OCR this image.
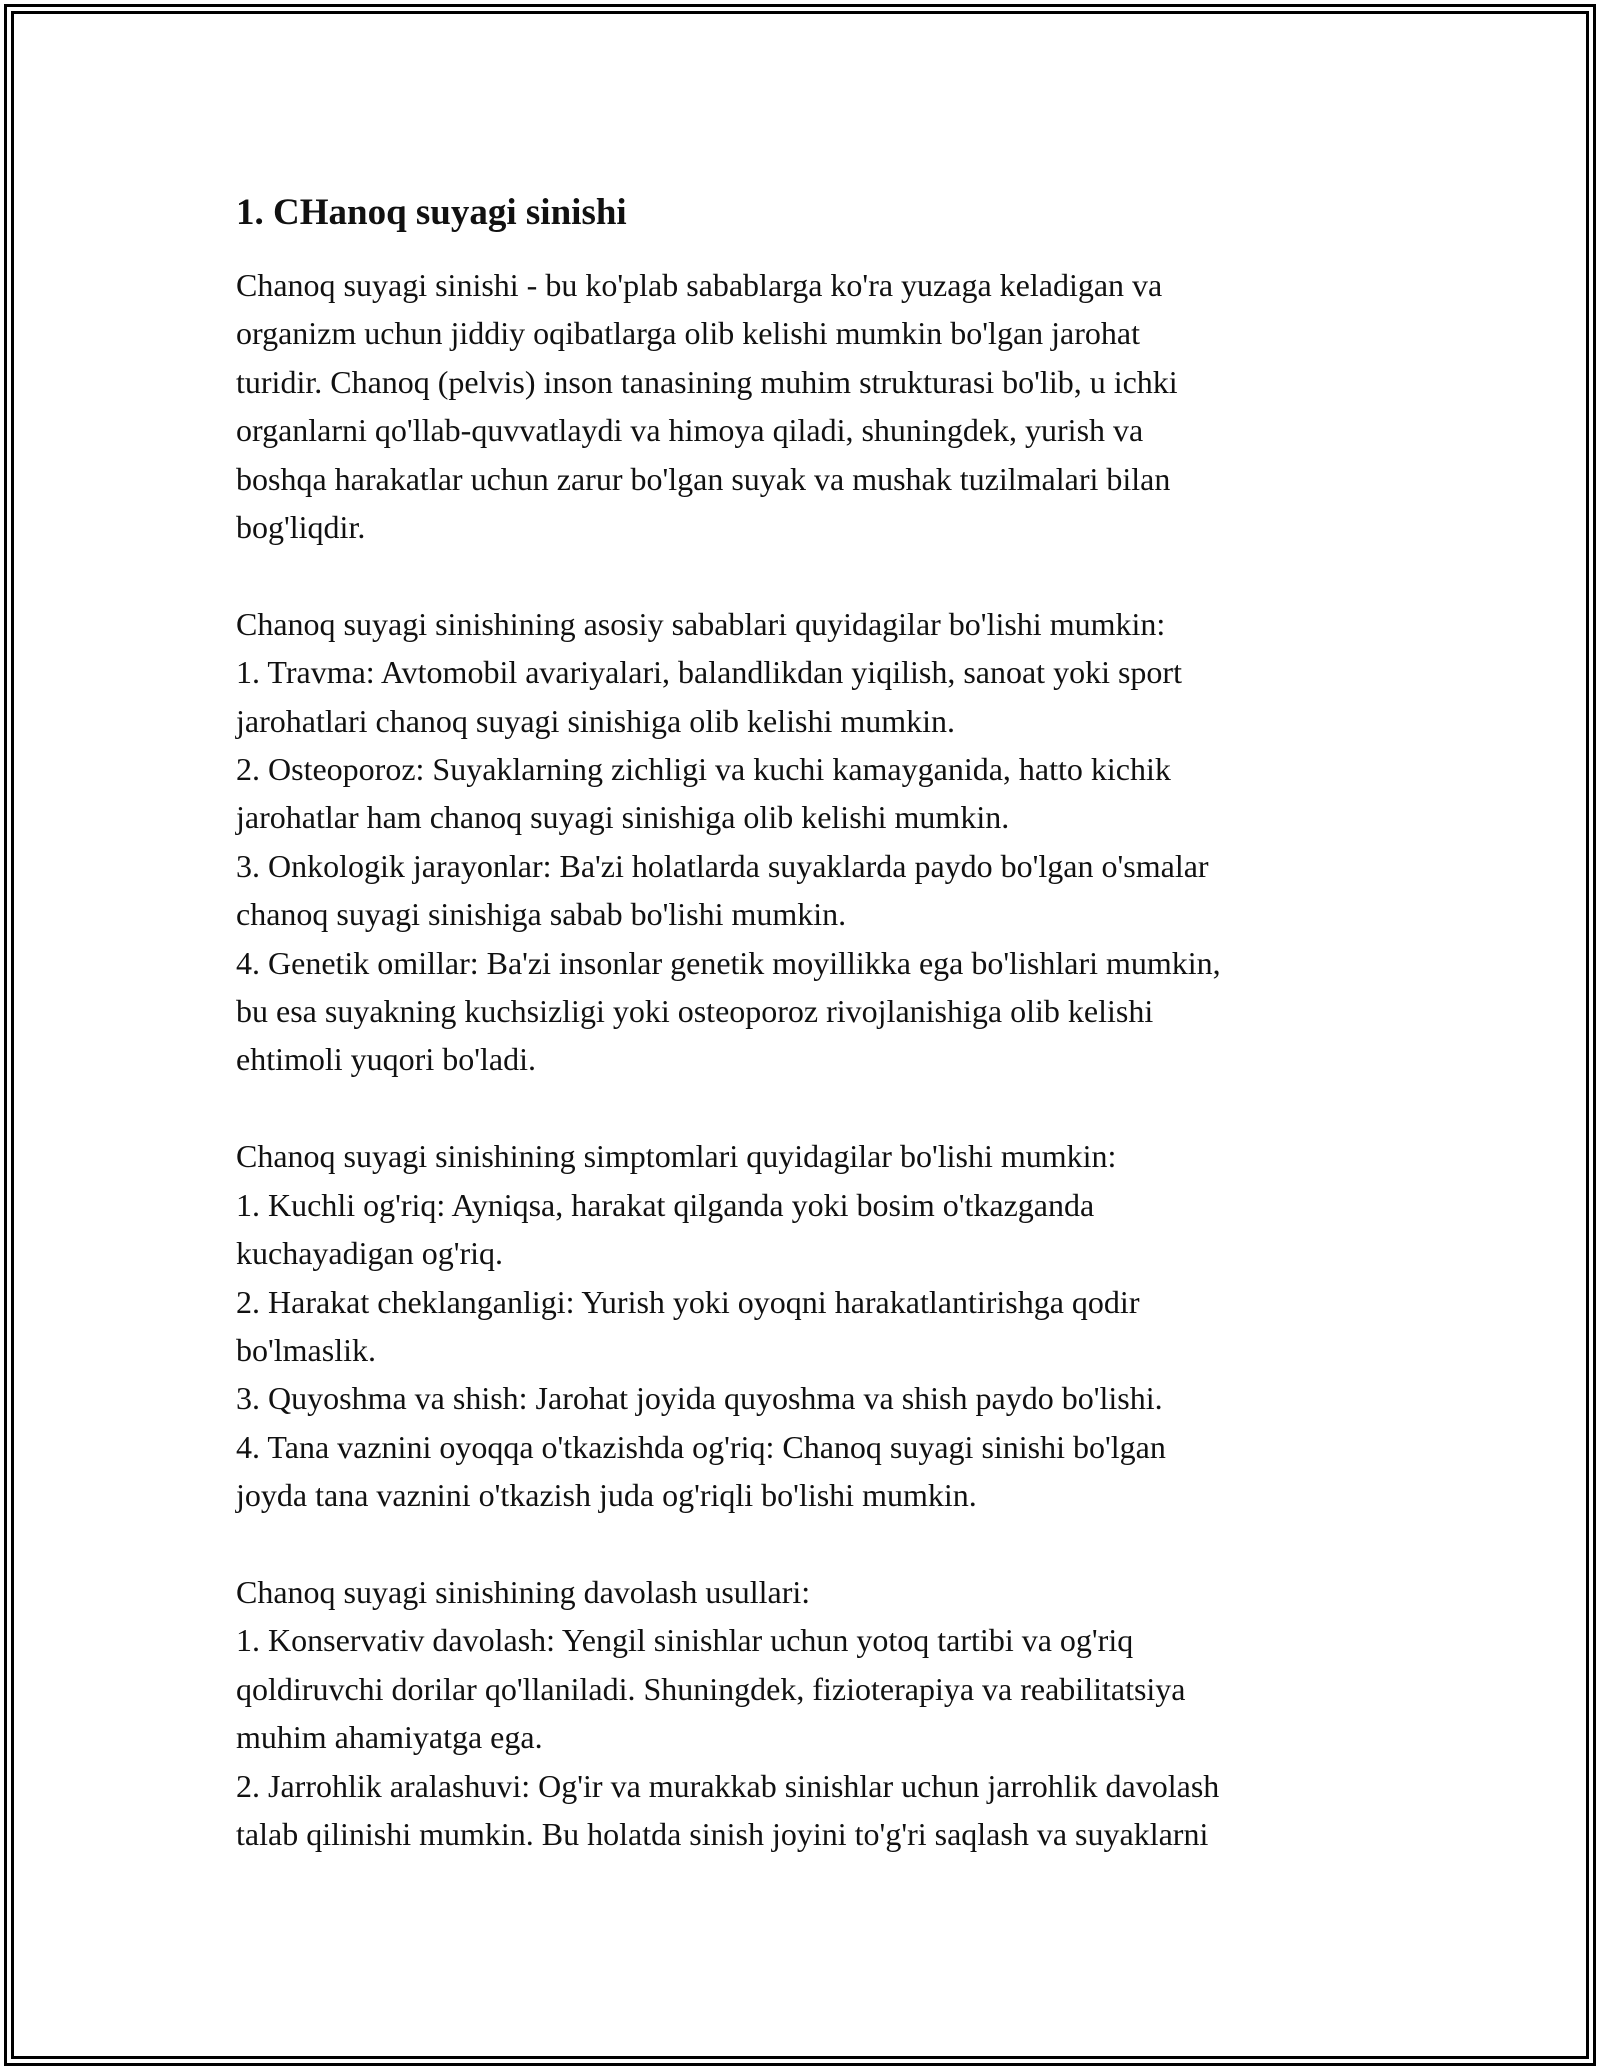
1. CHanoq suyagi sinishi

Chanoq suyagi sinishi - bu ko'plab sabablarga ko'ra yuzaga keladigan va
organizm uchun jiddiy oqibatlarga olib kelishi mumkin bo'lgan jarohat
turidir. Chanoq (pelvis) inson tanasining muhim strukturasi bo'lib, u ichki
organlarni qo'llab-quvvatlaydi va himoya qiladi, shuningdek, yurish va
boshqa harakatlar uchun zarur bo'lgan suyak va mushak tuzilmalari bilan
bog'liqdir.

Chanoq suyagi sinishining asosiy sabablari quyidagilar bo'lishi mumkin:
1. Travma: Avtomobil avariyalari, balandlikdan yiqilish, sanoat yoki sport
jarohatlari chanoq suyagi sinishiga olib kelishi mumkin.
2. Osteoporoz: Suyaklarning zichligi va kuchi kamayganida, hatto kichik
jarohatlar ham chanoq suyagi sinishiga olib kelishi mumkin.
3. Onkologik jarayonlar: Ba'zi holatlarda suyaklarda paydo bo'lgan o'smalar
chanoq suyagi sinishiga sabab bo'lishi mumkin.
4. Genetik omillar: Ba'zi insonlar genetik moyillikka ega bo'lishlari mumkin,
bu esa suyakning kuchsizligi yoki osteoporoz rivojlanishiga olib kelishi
ehtimoli yuqori bo'ladi.

Chanoq suyagi sinishining simptomlari quyidagilar bo'lishi mumkin:
1. Kuchli og'riq: Ayniqsa, harakat qilganda yoki bosim o'tkazganda
kuchayadigan og'riq.
2. Harakat cheklanganligi: Yurish yoki oyoqni harakatlantirishga qodir
bo'lmaslik.
3. Quyoshma va shish: Jarohat joyida quyoshma va shish paydo bo'lishi.
4. Tana vaznini oyoqqa o'tkazishda og'riq: Chanoq suyagi sinishi bo'lgan
joyda tana vaznini o'tkazish juda og'riqli bo'lishi mumkin.

Chanoq suyagi sinishining davolash usullari:
1. Konservativ davolash: Yengil sinishlar uchun yotoq tartibi va og'riq
qoldiruvchi dorilar qo'llaniladi. Shuningdek, fizioterapiya va reabilitatsiya
muhim ahamiyatga ega.
2. Jarrohlik aralashuvi: Og'ir va murakkab sinishlar uchun jarrohlik davolash
talab qilinishi mumkin. Bu holatda sinish joyini to'g'ri saqlash va suyaklarni
